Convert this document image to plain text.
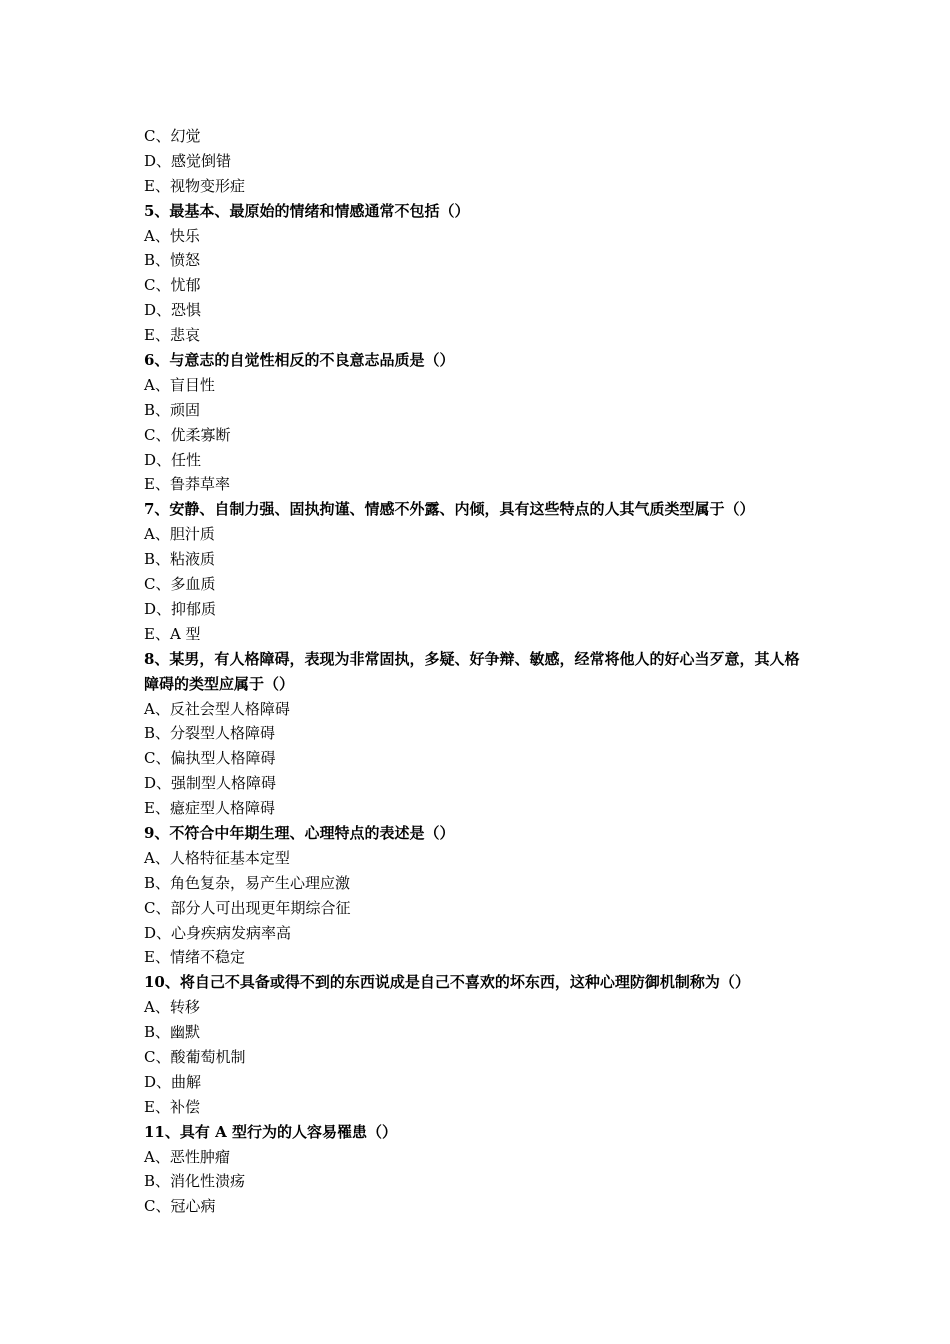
C、幻觉
D、感觉倒错
E、视物变形症
5、最基本、最原始的情绪和情感通常不包括（）
A、快乐
B、愤怒
C、忧郁
D、恐惧
E、悲哀
6、与意志的自觉性相反的不良意志品质是（）
A、盲目性
B、顽固
C、优柔寡断
D、任性
E、鲁莽草率
7、安静、自制力强、固执拘谨、情感不外露、内倾，具有这些特点的人其气质类型属于（）
A、胆汁质
B、粘液质
C、多血质
D、抑郁质
E、A 型
8、某男，有人格障碍，表现为非常固执，多疑、好争辩、敏感，经常将他人的好心当歹意，其人格障碍的类型应属于（）
A、反社会型人格障碍
B、分裂型人格障碍
C、偏执型人格障碍
D、强制型人格障碍
E、癔症型人格障碍
9、不符合中年期生理、心理特点的表述是（）
A、人格特征基本定型
B、角色复杂，易产生心理应激
C、部分人可出现更年期综合征
D、心身疾病发病率高
E、情绪不稳定
10、将自己不具备或得不到的东西说成是自己不喜欢的坏东西，这种心理防御机制称为（）
A、转移
B、幽默
C、酸葡萄机制
D、曲解
E、补偿
11、具有 A 型行为的人容易罹患（）
A、恶性肿瘤
B、消化性溃疡
C、冠心病
